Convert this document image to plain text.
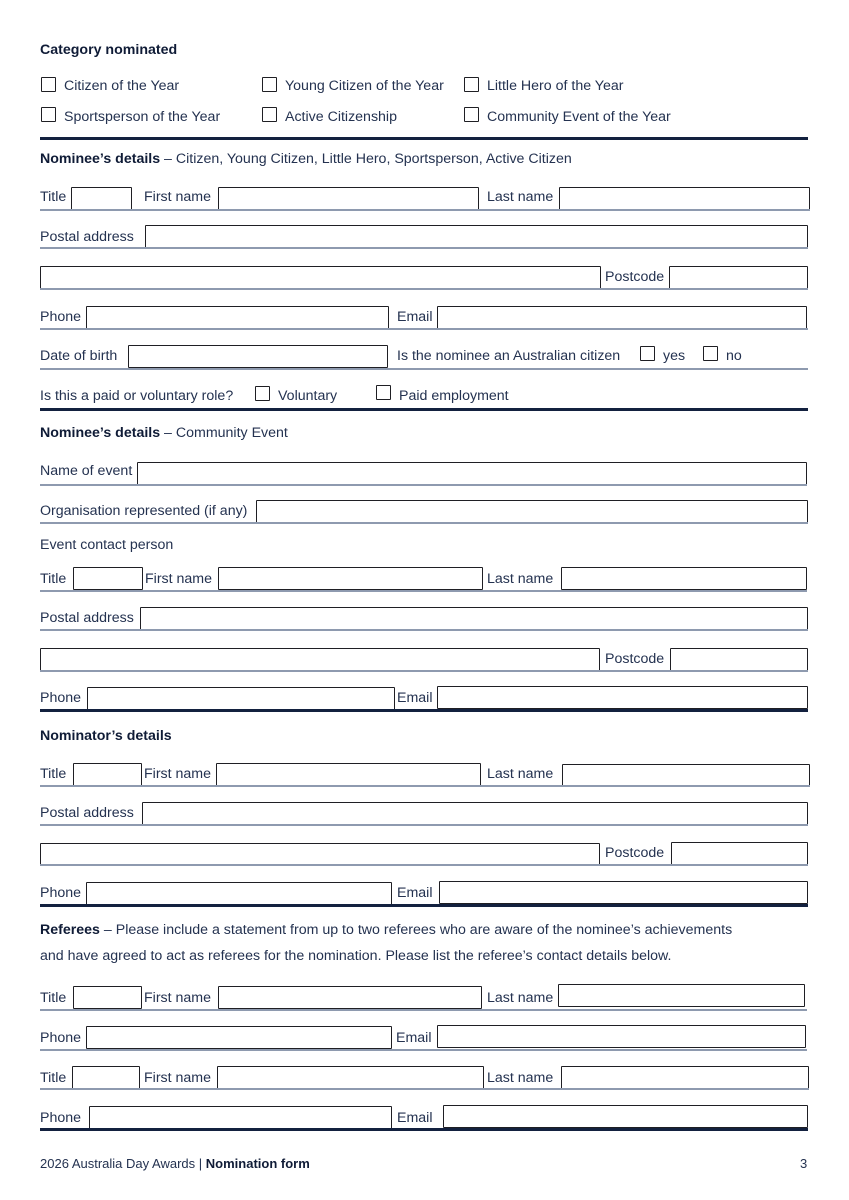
Category nominated
Citizen of the Year	Young Citizen of the Year	Little Hero of the Year
Sportsperson of the Year	Active Citizenship	Community Event of the Year
Nominee’s details – Citizen, Young Citizen, Little Hero, Sportsperson, Active Citizen
Title	First name	Last name
Postal address
Postcode
Phone	Email
Date of birth	Is the nominee an Australian citizen	yes	no
Is this a paid or voluntary role?	Voluntary	Paid employment
Nominee’s details – Community Event
Name of event
Organisation represented (if any)
Event contact person
Title	First name	Last name
Postal address
Postcode
Phone	Email
Nominator’s details
Title	First name	Last name
Postal address
Postcode
Phone	Email
Referees – Please include a statement from up to two referees who are aware of the nominee’s achievements
and have agreed to act as referees for the nomination. Please list the referee’s contact details below.
Title	First name	Last name
Phone	Email
Title	First name	Last name
Phone	Email
2026 Australia Day Awards | Nomination form	3
